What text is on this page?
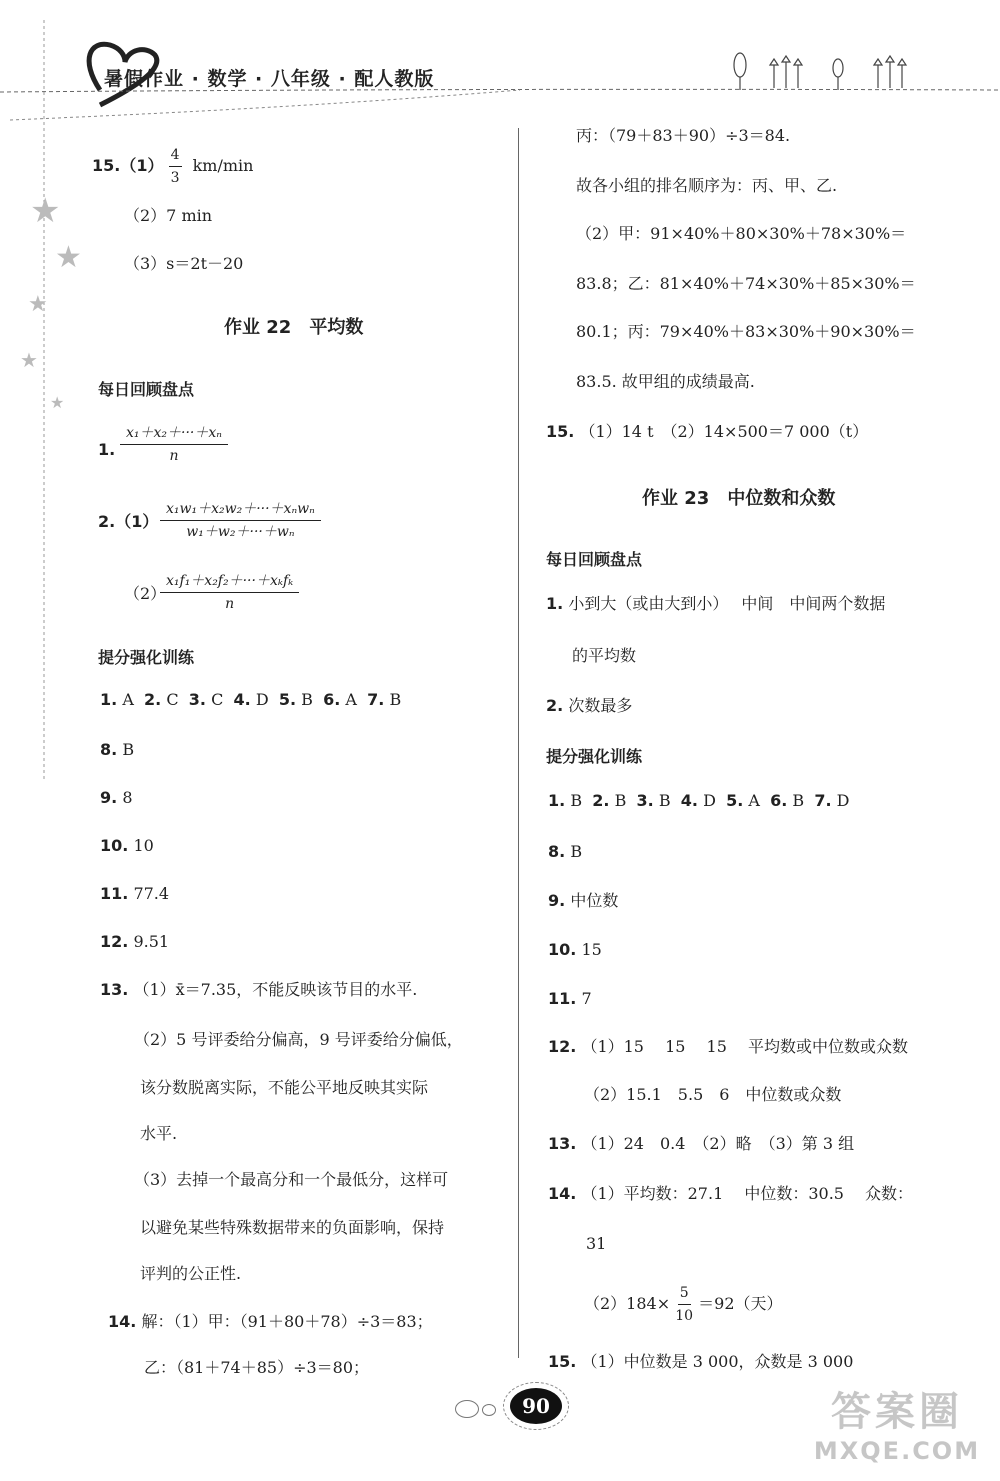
暑假作业 · 数学 · 八年级 · 配人教版
★
★
★
★
★
$15.(1) \frac{4}{3} km/\min$
（2）7 min
（3）s＝2t－20
作业 22　平均数
每日回顾盘点
1. $\frac{\text{x₁＋x₂＋···＋xₙ}}{n}$
2.（1）
x₁w₁＋x₂w₂＋···＋xₙwₙ
w₁＋w₂＋···＋wₙ
（2）
x₁f₁＋x₂f₂＋···＋xₖfₖ
n
提分强化训练
1. A 2. C 3. C 4. D 5. B 6. A 7. B
8. B
9. 8
10. 10
11. 77.4
12. 9.51
13. （1）x̄＝7.35，不能反映该节目的水平.
（2）5 号评委给分偏高，9 号评委给分偏低，
该分数脱离实际，不能公平地反映其实际
水平.
（3）去掉一个最高分和一个最低分，这样可
以避免某些特殊数据带来的负面影响，保持
评判的公正性.
14. 解：（1）甲：（91＋80＋78）÷3＝83；
乙：（81＋74＋85）÷3＝80；
丙：（79＋83＋90）÷3＝84.
故各小组的排名顺序为：丙、甲、乙.
（2）甲：91×40%＋80×30%＋78×30%＝
83.8；乙：81×40%＋74×30%＋85×30%＝
80.1；丙：79×40%＋83×30%＋90×30%＝
83.5. 故甲组的成绩最高.
15. （1）14 t　（2）14×500＝7 000（t）
作业 23　中位数和众数
每日回顾盘点
1. 小到大（或由大到小）　 中间　中间两个数据
的平均数
2. 次数最多
提分强化训练
1. B 2. B 3. B 4. D 5. A 6. B 7. D
8. B
9. 中位数
10. 15
11. 7
12. （1）15　 15　 15　 平均数或中位数或众数
（2）15.1　5.5　6　中位数或众数
13. （1）24　0.4　（2）略　（3）第 3 组
14. （1）平均数：27.1　 中位数：30.5　 众数：
31
$(2)184\times \frac{5}{10} =92$（天）
15. （1）中位数是 3 000，众数是 3 000
90	答案圈
MXQE.COM
